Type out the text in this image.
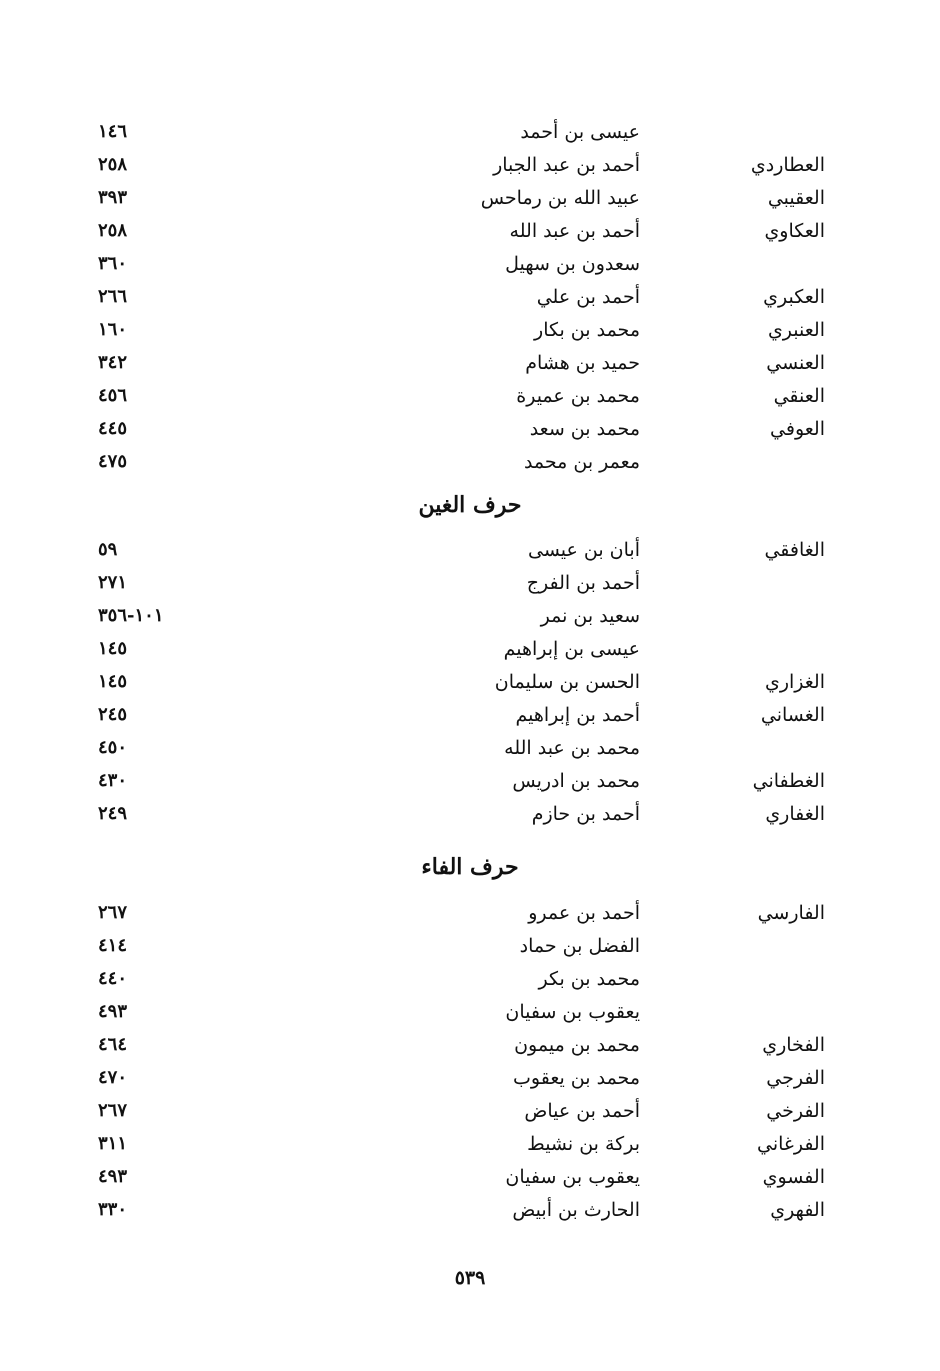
عيسى بن أحمد
١٤٦
العطاردي
أحمد بن عبد الجبار
٢٥٨
العقيبي
عبيد الله بن رماحس
٣٩٣
العكاوي
أحمد بن عبد الله
٢٥٨
سعدون بن سهيل
٣٦٠
العكبري
أحمد بن علي
٢٦٦
العنبري
محمد بن بكار
١٦٠
العنسي
حميد بن هشام
٣٤٢
العنقي
محمد بن عميرة
٤٥٦
العوفي
محمد بن سعد
٤٤٥
معمر بن محمد
٤٧٥
حرف الغين
الغافقي
أبان بن عيسى
٥٩
أحمد بن الفرج
٢٧١
سعيد بن نمر
١٠١-٣٥٦
عيسى بن إبراهيم
١٤٥
الغزاري
الحسن بن سليمان
١٤٥
الغساني
أحمد بن إبراهيم
٢٤٥
محمد بن عبد الله
٤٥٠
الغطفاني
محمد بن ادريس
٤٣٠
الغفاري
أحمد بن حازم
٢٤٩
حرف الفاء
الفارسي
أحمد بن عمرو
٢٦٧
الفضل بن حماد
٤١٤
محمد بن بكر
٤٤٠
يعقوب بن سفيان
٤٩٣
الفخاري
محمد بن ميمون
٤٦٤
الفرجي
محمد بن يعقوب
٤٧٠
الفرخي
أحمد بن عياض
٢٦٧
الفرغاني
بركة بن نشيط
٣١١
الفسوي
يعقوب بن سفيان
٤٩٣
الفهري
الحارث بن أبيض
٣٣٠
٥٣٩
